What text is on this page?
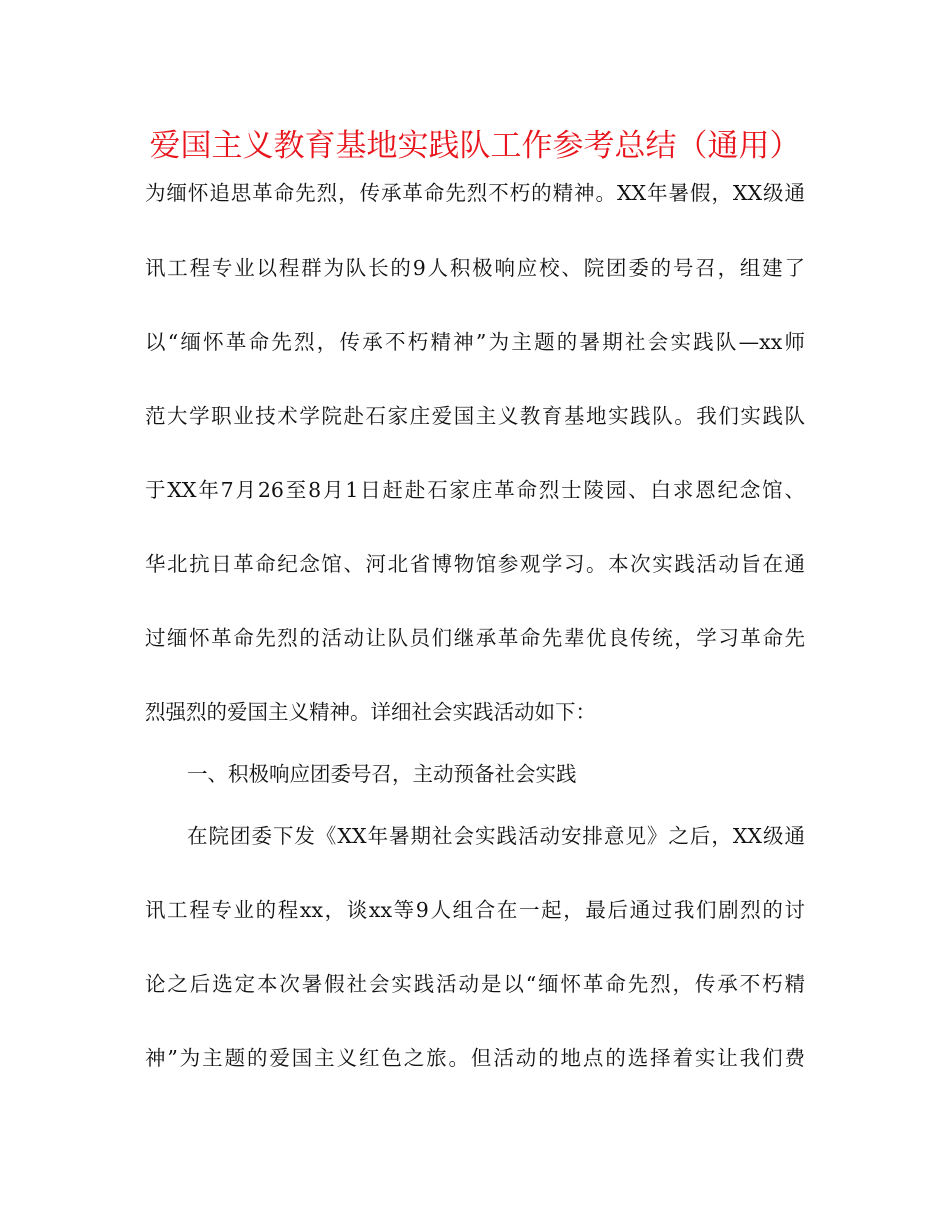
爱国主义教育基地实践队工作参考总结（通用）
为缅怀追思革命先烈，传承革命先烈不朽的精神。XX年暑假，XX级通
讯工程专业以程群为队长的9人积极响应校、院团委的号召，组建了
以“缅怀革命先烈，传承不朽精神”为主题的暑期社会实践队—xx师
范大学职业技术学院赴石家庄爱国主义教育基地实践队。我们实践队
于XX年7月26至8月1日赶赴石家庄革命烈士陵园、白求恩纪念馆、
华北抗日革命纪念馆、河北省博物馆参观学习。本次实践活动旨在通
过缅怀革命先烈的活动让队员们继承革命先辈优良传统，学习革命先
烈强烈的爱国主义精神。详细社会实践活动如下：
一、积极响应团委号召，主动预备社会实践
在院团委下发《XX年暑期社会实践活动安排意见》之后，XX级通
讯工程专业的程xx，谈xx等9人组合在一起，最后通过我们剧烈的讨
论之后选定本次暑假社会实践活动是以“缅怀革命先烈，传承不朽精
神”为主题的爱国主义红色之旅。但活动的地点的选择着实让我们费
